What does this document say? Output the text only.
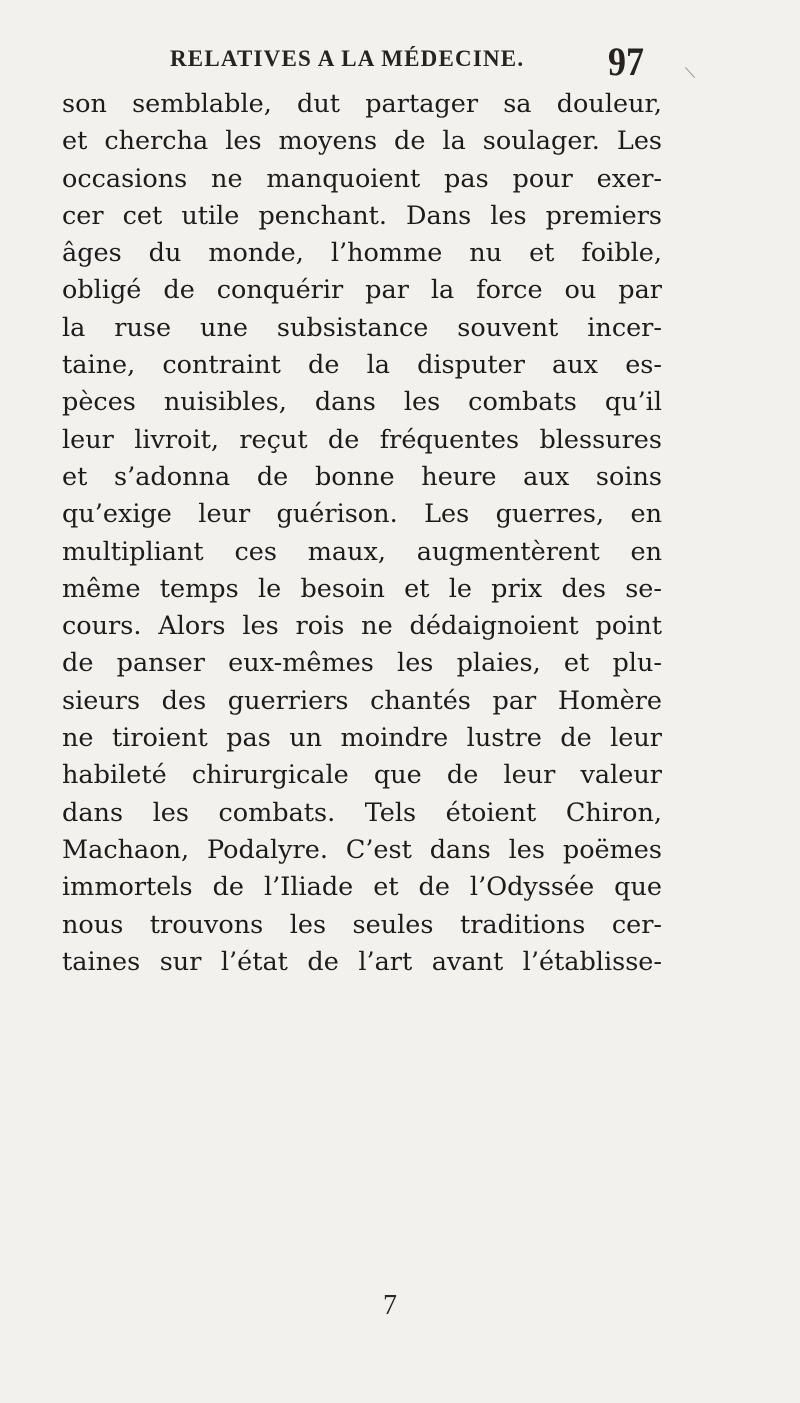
RELATIVES A LA MÉDECINE. 97
son semblable, dut partager sa douleur,
et chercha les moyens de la soulager. Les
occasions ne manquoient pas pour exer-
cer cet utile penchant. Dans les premiers
âges du monde, l’homme nu et foible,
obligé de conquérir par la force ou par
la ruse une subsistance souvent incer-
taine, contraint de la disputer aux es-
pèces nuisibles, dans les combats qu’il
leur livroit, reçut de fréquentes blessures
et s’adonna de bonne heure aux soins
qu’exige leur guérison. Les guerres, en
multipliant ces maux, augmentèrent en
même temps le besoin et le prix des se-
cours. Alors les rois ne dédaignoient point
de panser eux-mêmes les plaies, et plu-
sieurs des guerriers chantés par Homère
ne tiroient pas un moindre lustre de leur
habileté chirurgicale que de leur valeur
dans les combats. Tels étoient Chiron,
Machaon, Podalyre. C’est dans les poëmes
immortels de l’Iliade et de l’Odyssée que
nous trouvons les seules traditions cer-
taines sur l’état de l’art avant l’établisse-
7
